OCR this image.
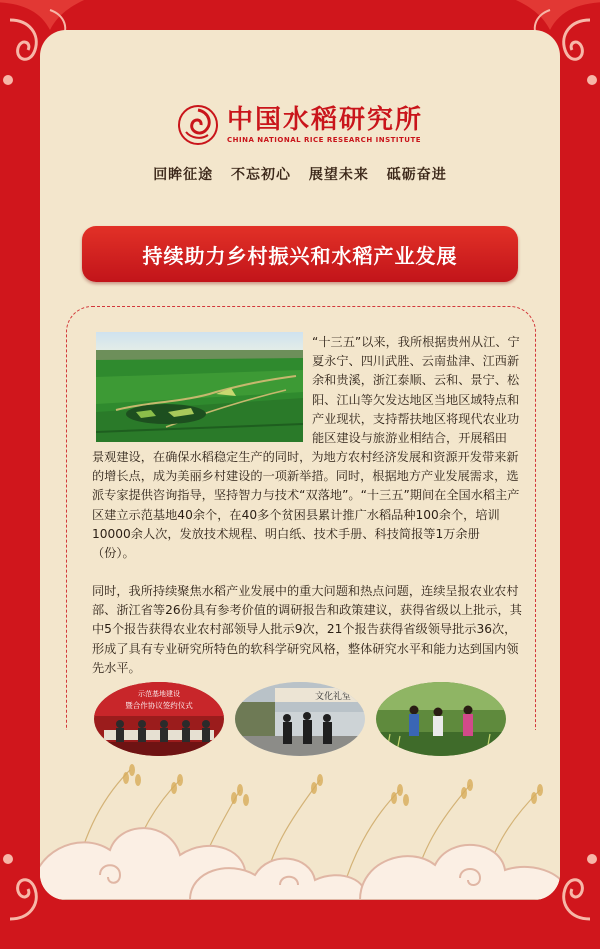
中国水稻研究所
CHINA NATIONAL RICE RESEARCH INSTITUTE
回眸征途 不忘初心 展望未来 砥砺奋进
持续助力乡村振兴和水稻产业发展
“十三五”以来，我所根据贵州从江、宁夏永宁、四川武胜、云南盐津、江西新余和贵溪，浙江泰顺、云和、景宁、松阳、江山等欠发达地区当地区域特点和产业现状，支持帮扶地区将现代农业功能区建设与旅游业相结合，开展稻田
景观建设，在确保水稻稳定生产的同时，为地方农村经济发展和资源开发带来新的增长点，成为美丽乡村建设的一项新举措。同时，根据地方产业发展需求，选派专家提供咨询指导，坚持智力与技术“双落地”。“十三五”期间在全国水稻主产区建立示范基地40余个，在40多个贫困县累计推广水稻品种100余个，培训10000余人次，发放技术规程、明白纸、技术手册、科技简报等1万余册（份）。
同时，我所持续聚焦水稻产业发展中的重大问题和热点问题，连续呈报农业农村部、浙江省等26份具有参考价值的调研报告和政策建议，获得省级以上批示，其中5个报告获得农业农村部领导人批示9次，21个报告获得省级领导批示36次，形成了具有专业研究所特色的软科学研究风格，整体研究水平和能力达到国内领先水平。
示范基地建设
暨合作协议签约仪式
文化礼堂
